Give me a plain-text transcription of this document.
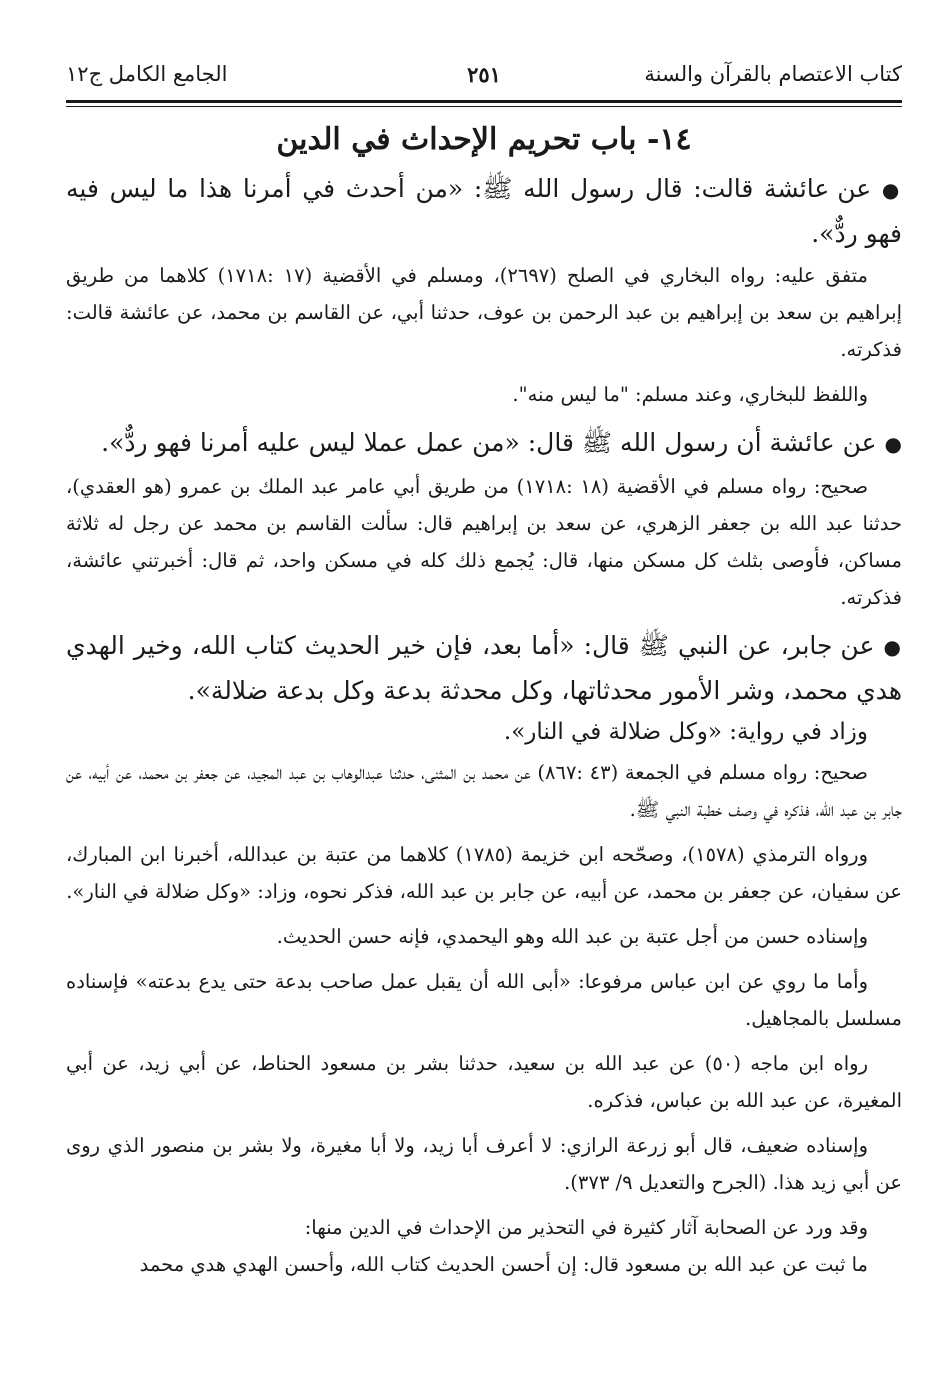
كتاب الاعتصام بالقرآن والسنة
٢٥١
الجامع الكامل ج١٢
١٤- باب تحريم الإحداث في الدين

● عن عائشة قالت: قال رسول الله ﷺ: «من أحدث في أمرنا هذا ما ليس فيه فهو ردٌّ».

متفق عليه: رواه البخاري في الصلح (٢٦٩٧)، ومسلم في الأقضية (١٧ :١٧١٨) كلاهما من طريق إبراهيم بن سعد بن إبراهيم بن عبد الرحمن بن عوف، حدثنا أبي، عن القاسم بن محمد، عن عائشة قالت: فذكرته.

واللفظ للبخاري، وعند مسلم: "ما ليس منه".

● عن عائشة أن رسول الله ﷺ قال: «من عمل عملا ليس عليه أمرنا فهو ردٌّ».

صحيح: رواه مسلم في الأقضية (١٨ :١٧١٨) من طريق أبي عامر عبد الملك بن عمرو (هو العقدي)، حدثنا عبد الله بن جعفر الزهري، عن سعد بن إبراهيم قال: سألت القاسم بن محمد عن رجل له ثلاثة مساكن، فأوصى بثلث كل مسكن منها، قال: يُجمع ذلك كله في مسكن واحد، ثم قال: أخبرتني عائشة، فذكرته.

● عن جابر، عن النبي ﷺ قال: «أما بعد، فإن خير الحديث كتاب الله، وخير الهدي هدي محمد، وشر الأمور محدثاتها، وكل محدثة بدعة وكل بدعة ضلالة».

وزاد في رواية: «وكل ضلالة في النار».

صحيح: رواه مسلم في الجمعة (٤٣ :٨٦٧) عن محمد بن المثنى، حدثنا عبدالوهاب بن عبد المجيد، عن جعفر بن محمد، عن أبيه، عن جابر بن عبد الله، فذكره في وصف خطبة النبي ﷺ.

ورواه الترمذي (١٥٧٨)، وصحّحه ابن خزيمة (١٧٨٥) كلاهما من عتبة بن عبدالله، أخبرنا ابن المبارك، عن سفيان، عن جعفر بن محمد، عن أبيه، عن جابر بن عبد الله، فذكر نحوه، وزاد: «وكل ضلالة في النار».

وإسناده حسن من أجل عتبة بن عبد الله وهو اليحمدي، فإنه حسن الحديث.

وأما ما روي عن ابن عباس مرفوعا: «أبى الله أن يقبل عمل صاحب بدعة حتى يدع بدعته» فإسناده مسلسل بالمجاهيل.

رواه ابن ماجه (٥٠) عن عبد الله بن سعيد، حدثنا بشر بن مسعود الحناط، عن أبي زيد، عن أبي المغيرة، عن عبد الله بن عباس، فذكره.

وإسناده ضعيف، قال أبو زرعة الرازي: لا أعرف أبا زيد، ولا أبا مغيرة، ولا بشر بن منصور الذي روى عن أبي زيد هذا. (الجرح والتعديل ٩/ ٣٧٣).

وقد ورد عن الصحابة آثار كثيرة في التحذير من الإحداث في الدين منها:

ما ثبت عن عبد الله بن مسعود قال: إن أحسن الحديث كتاب الله، وأحسن الهدي هدي محمد
